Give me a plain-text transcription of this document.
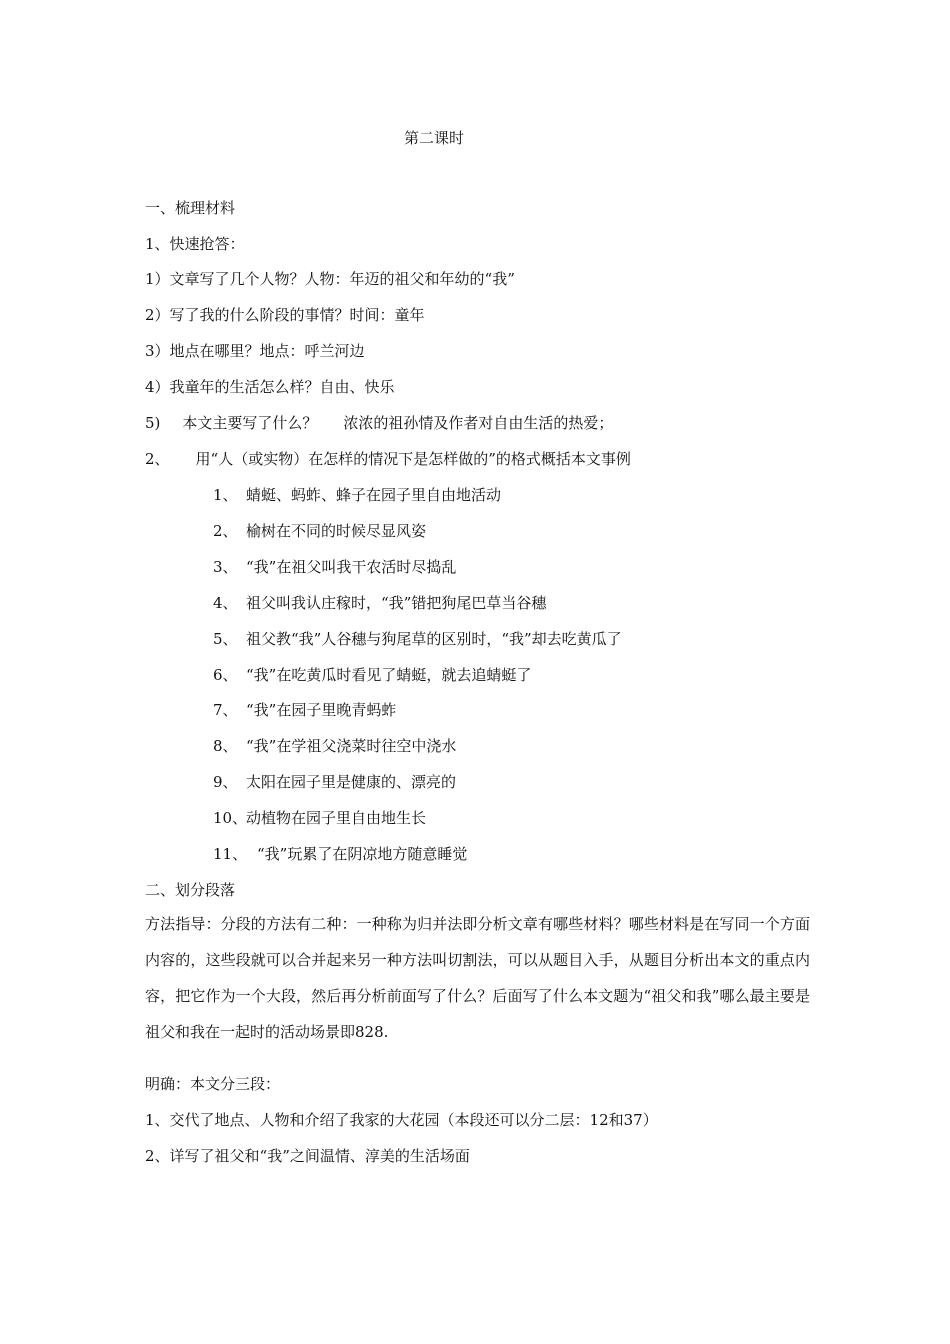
第二课时
一、梳理材料
1、快速抢答：
1）文章写了几个人物？人物：年迈的祖父和年幼的“我”
2）写了我的什么阶段的事情？时间：童年
3）地点在哪里？地点：呼兰河边
4）我童年的生活怎么样？自由、快乐
5) 本文主要写了什么？ 浓浓的祖孙情及作者对自由生活的热爱；
2、 用“人（或实物）在怎样的情况下是怎样做的”的格式概括本文事例
1、 蜻蜓、蚂蚱、蜂子在园子里自由地活动
2、 榆树在不同的时候尽显风姿
3、 “我”在祖父叫我干农活时尽捣乱
4、 祖父叫我认庄稼时，“我”错把狗尾巴草当谷穗
5、 祖父教“我”人谷穗与狗尾草的区别时，“我”却去吃黄瓜了
6、 “我”在吃黄瓜时看见了蜻蜓，就去追蜻蜓了
7、 “我”在园子里晚青蚂蚱
8、 “我”在学祖父浇菜时往空中浇水
9、 太阳在园子里是健康的、漂亮的
10、动植物在园子里自由地生长
11、 “我”玩累了在阴凉地方随意睡觉
二、划分段落
方法指导：分段的方法有二种：一种称为归并法即分析文章有哪些材料？哪些材料是在写同一个方面内容的，这些段就可以合并起来另一种方法叫切割法，可以从题目入手，从题目分析出本文的重点内容，把它作为一个大段，然后再分析前面写了什么？后面写了什么本文题为“祖父和我”哪么最主要是祖父和我在一起时的活动场景即828.
明确：本文分三段：
1、交代了地点、人物和介绍了我家的大花园（本段还可以分二层：12和37）
2、详写了祖父和“我”之间温情、淳美的生活场面
